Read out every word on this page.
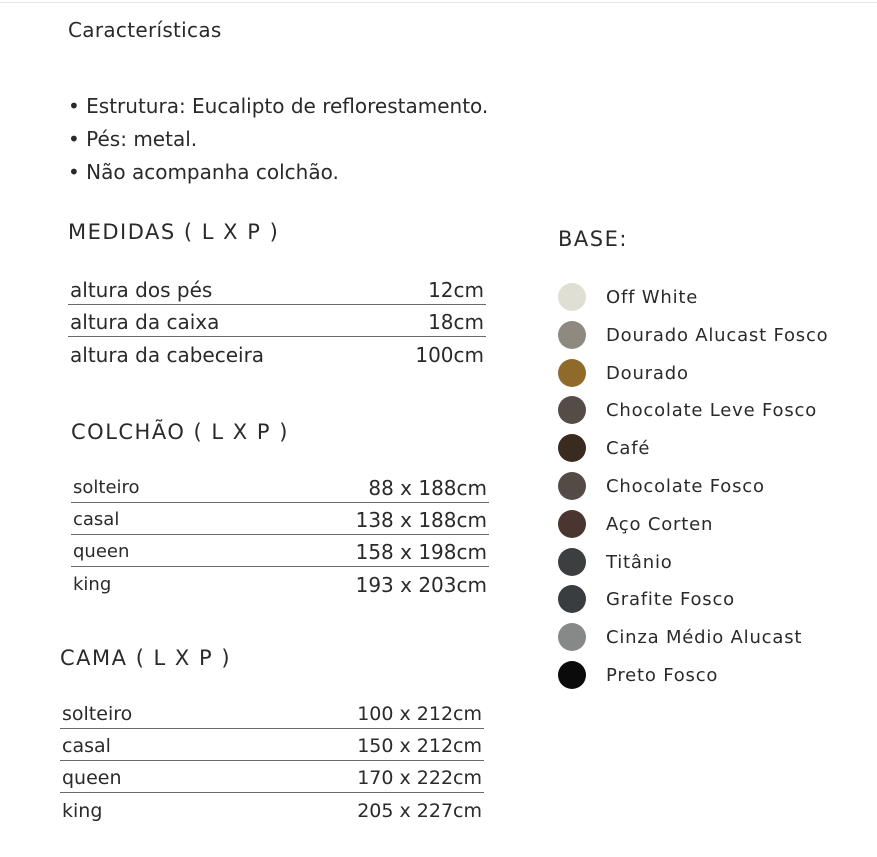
Características
• Estrutura: Eucalipto de reflorestamento.
• Pés: metal.
• Não acompanha colchão.
MEDIDAS ( L X P )
altura dos pés	12cm
altura da caixa	18cm
altura da cabeceira	100cm
COLCHÃO ( L X P )
solteiro	88 x 188cm
casal	138 x 188cm
queen	158 x 198cm
king	193 x 203cm
CAMA ( L X P )
solteiro	100 x 212cm
casal	150 x 212cm
queen	170 x 222cm
king	205 x 227cm
BASE:
Off White
Dourado Alucast Fosco
Dourado
Chocolate Leve Fosco
Café
Chocolate Fosco
Aço Corten
Titânio
Grafite Fosco
Cinza Médio Alucast
Preto Fosco
